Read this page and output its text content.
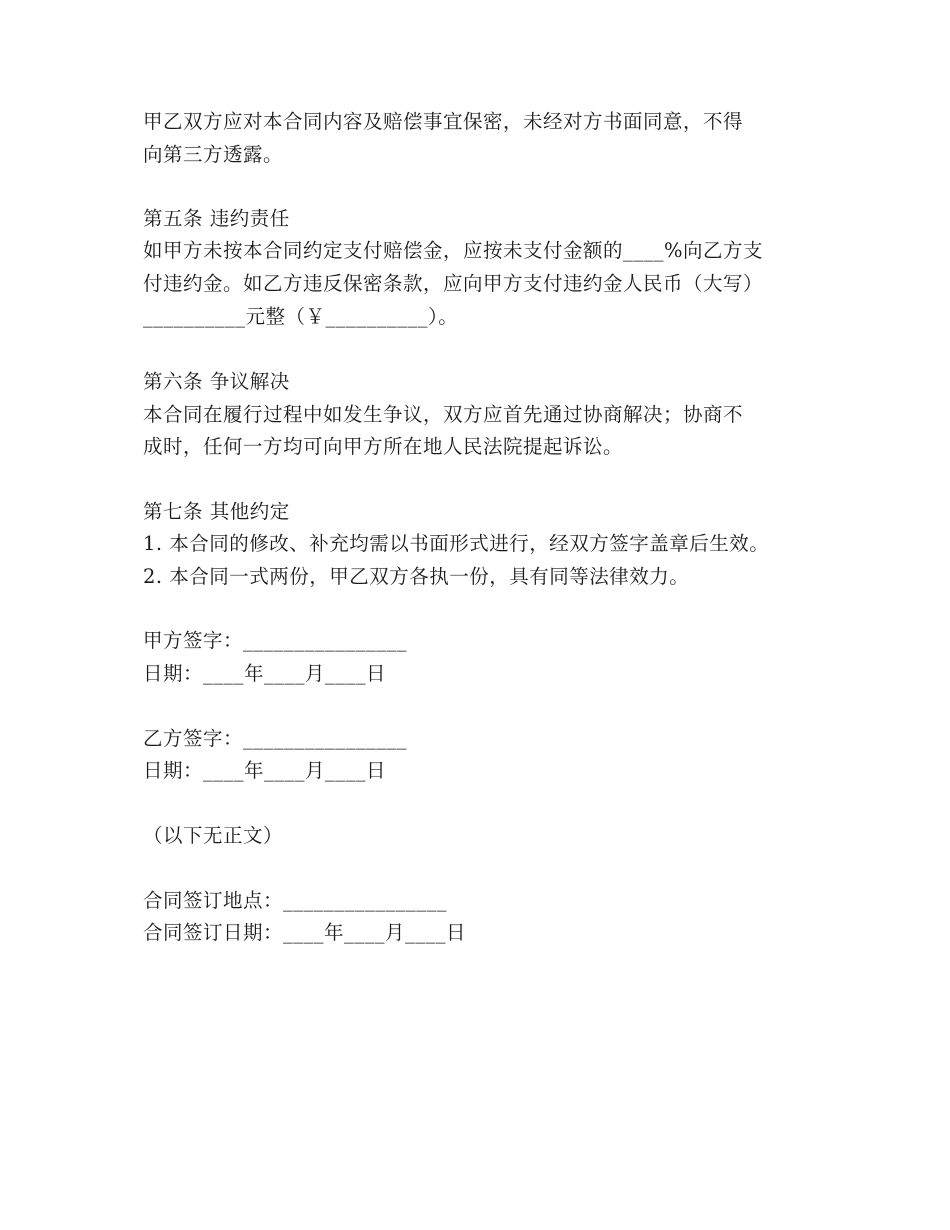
甲乙双方应对本合同内容及赔偿事宜保密，未经对方书面同意，不得
向第三方透露。
第五条 违约责任
如甲方未按本合同约定支付赔偿金，应按未支付金额的____%向乙方支
付违约金。如乙方违反保密条款，应向甲方支付违约金人民币（大写）
__________元整（￥__________）。
第六条 争议解决
本合同在履行过程中如发生争议，双方应首先通过协商解决；协商不
成时，任何一方均可向甲方所在地人民法院提起诉讼。
第七条 其他约定
1. 本合同的修改、补充均需以书面形式进行，经双方签字盖章后生效。
2. 本合同一式两份，甲乙双方各执一份，具有同等法律效力。
甲方签字：________________
日期：____年____月____日
乙方签字：________________
日期：____年____月____日
（以下无正文）
合同签订地点：________________
合同签订日期：____年____月____日
